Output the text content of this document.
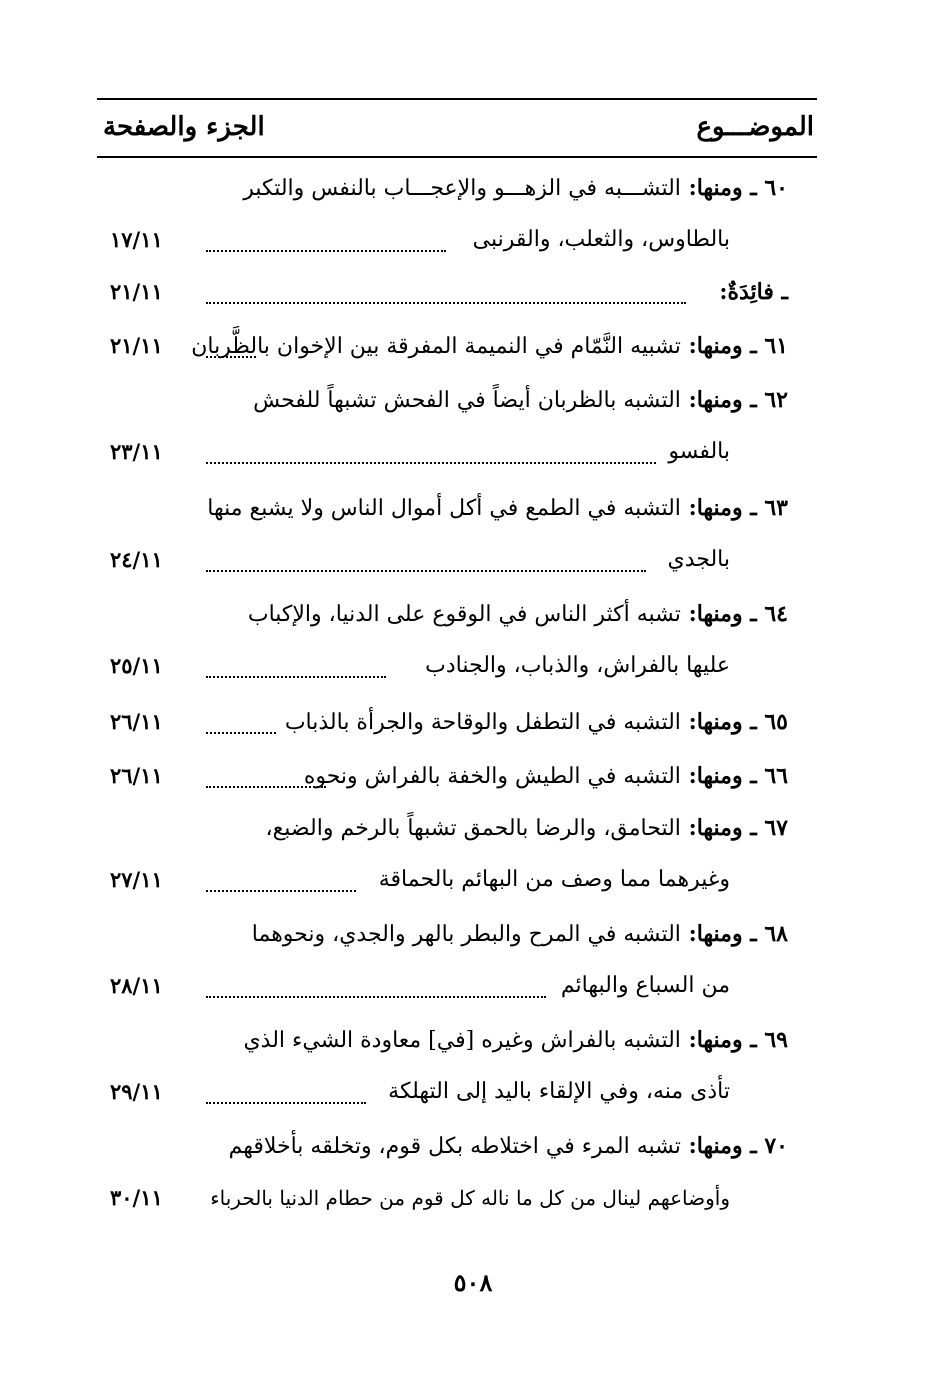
الموضـــوع
الجزء والصفحة
٦٠ ـ ومنها: التشـــبه في الزهـــو والإعجـــاب بالنفس والتكبر
بالطاوس، والثعلب، والقرنبى
١٧/١١
ـ فائِدَةٌ:
٢١/١١
٦١ ـ ومنها: تشبيه النَّمّام في النميمة المفرقة بين الإخوان بالظَّربان
٢١/١١
٦٢ ـ ومنها: التشبه بالظربان أيضاً في الفحش تشبهاً للفحش
بالفسو
٢٣/١١
٦٣ ـ ومنها: التشبه في الطمع في أكل أموال الناس ولا يشبع منها
بالجدي
٢٤/١١
٦٤ ـ ومنها: تشبه أكثر الناس في الوقوع على الدنيا، والإكباب
عليها بالفراش، والذباب، والجنادب
٢٥/١١
٦٥ ـ ومنها: التشبه في التطفل والوقاحة والجرأة بالذباب
٢٦/١١
٦٦ ـ ومنها: التشبه في الطيش والخفة بالفراش ونحوه
٢٦/١١
٦٧ ـ ومنها: التحامق، والرضا بالحمق تشبهاً بالرخم والضبع،
وغيرهما مما وصف من البهائم بالحماقة
٢٧/١١
٦٨ ـ ومنها: التشبه في المرح والبطر بالهر والجدي، ونحوهما
من السباع والبهائم
٢٨/١١
٦٩ ـ ومنها: التشبه بالفراش وغيره [في] معاودة الشيء الذي
تأذى منه، وفي الإلقاء باليد إلى التهلكة
٢٩/١١
٧٠ ـ ومنها: تشبه المرء في اختلاطه بكل قوم، وتخلقه بأخلاقهم
وأوضاعهم لينال من كل ما ناله كل قوم من حطام الدنيا بالحرباء
٣٠/١١
٥٠٨
